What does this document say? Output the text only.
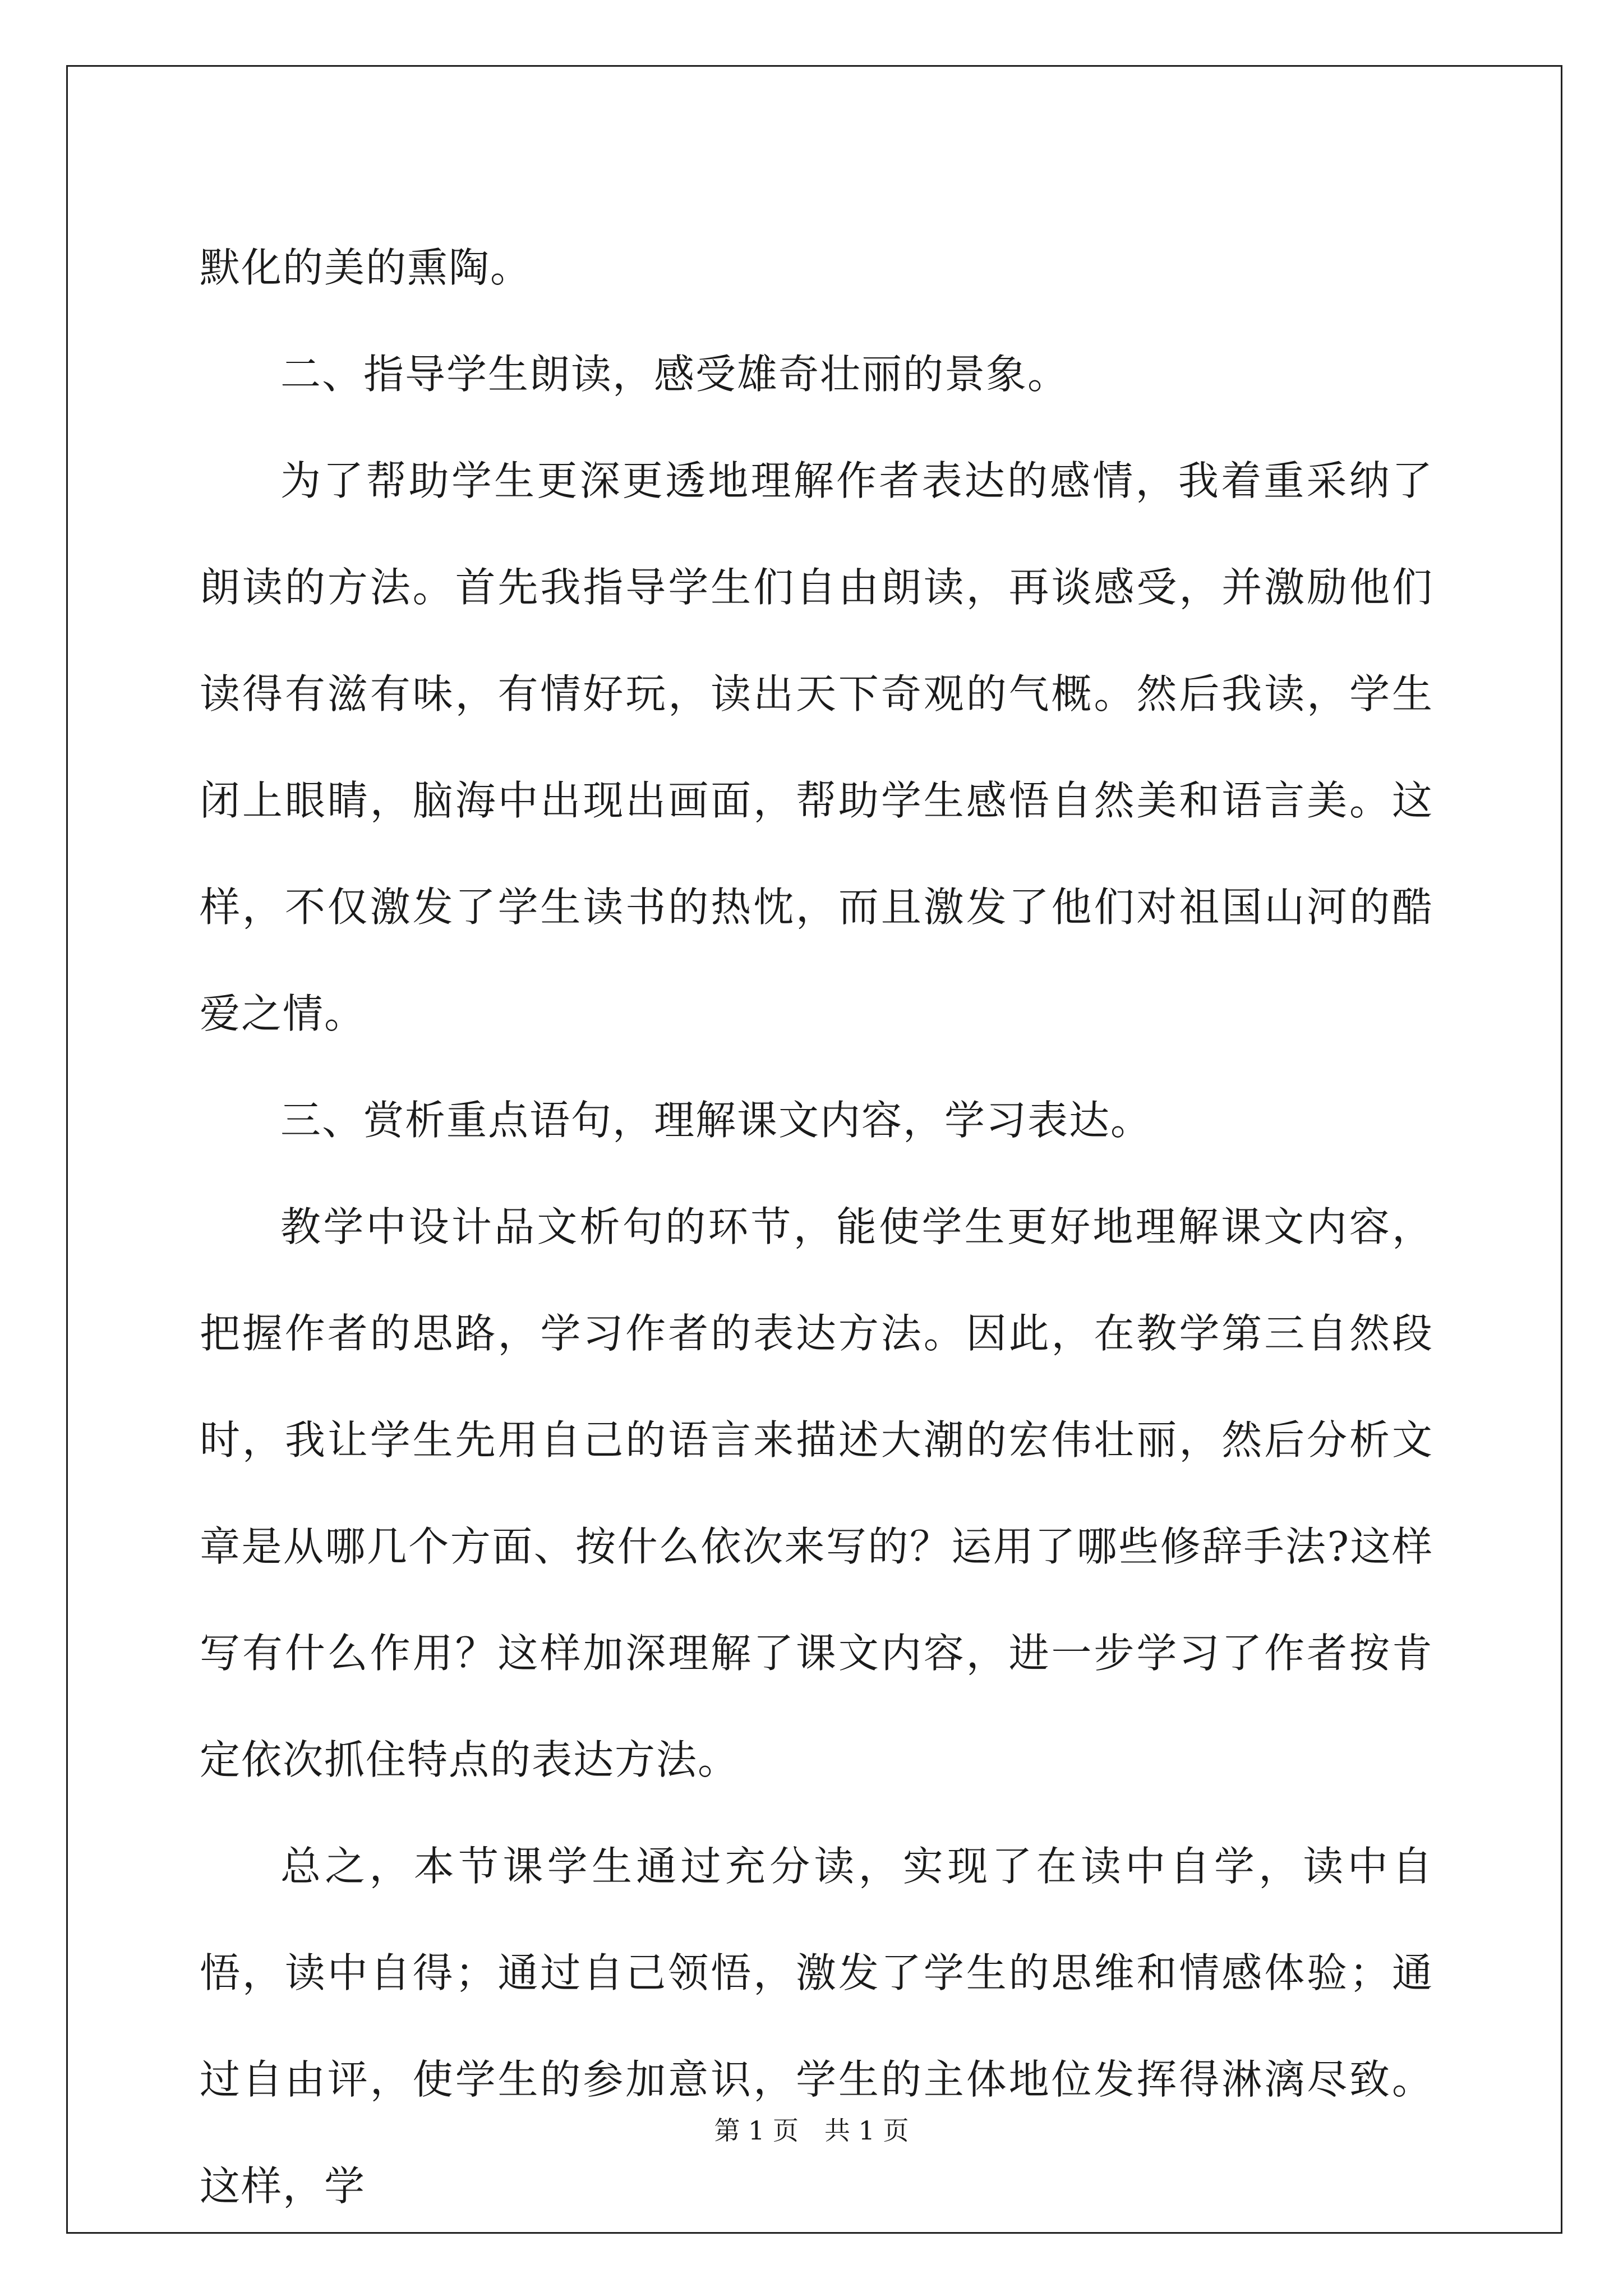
默化的美的熏陶。

二、指导学生朗读，感受雄奇壮丽的景象。

为了帮助学生更深更透地理解作者表达的感情，我着重采纳了朗读的方法。首先我指导学生们自由朗读，再谈感受，并激励他们读得有滋有味，有情好玩，读出天下奇观的气概。然后我读，学生闭上眼睛，脑海中出现出画面，帮助学生感悟自然美和语言美。这样，不仅激发了学生读书的热忱，而且激发了他们对祖国山河的酷爱之情。

三、赏析重点语句，理解课文内容，学习表达。

教学中设计品文析句的环节，能使学生更好地理解课文内容，把握作者的思路，学习作者的表达方法。因此，在教学第三自然段时，我让学生先用自己的语言来描述大潮的宏伟壮丽，然后分析文章是从哪几个方面、按什么依次来写的？运用了哪些修辞手法?这样写有什么作用？这样加深理解了课文内容，进一步学习了作者按肯定依次抓住特点的表达方法。

总之，本节课学生通过充分读，实现了在读中自学，读中自悟，读中自得；通过自己领悟，激发了学生的思维和情感体验；通过自由评，使学生的参加意识，学生的主体地位发挥得淋漓尽致。这样，学

第 1 页　共 1 页
